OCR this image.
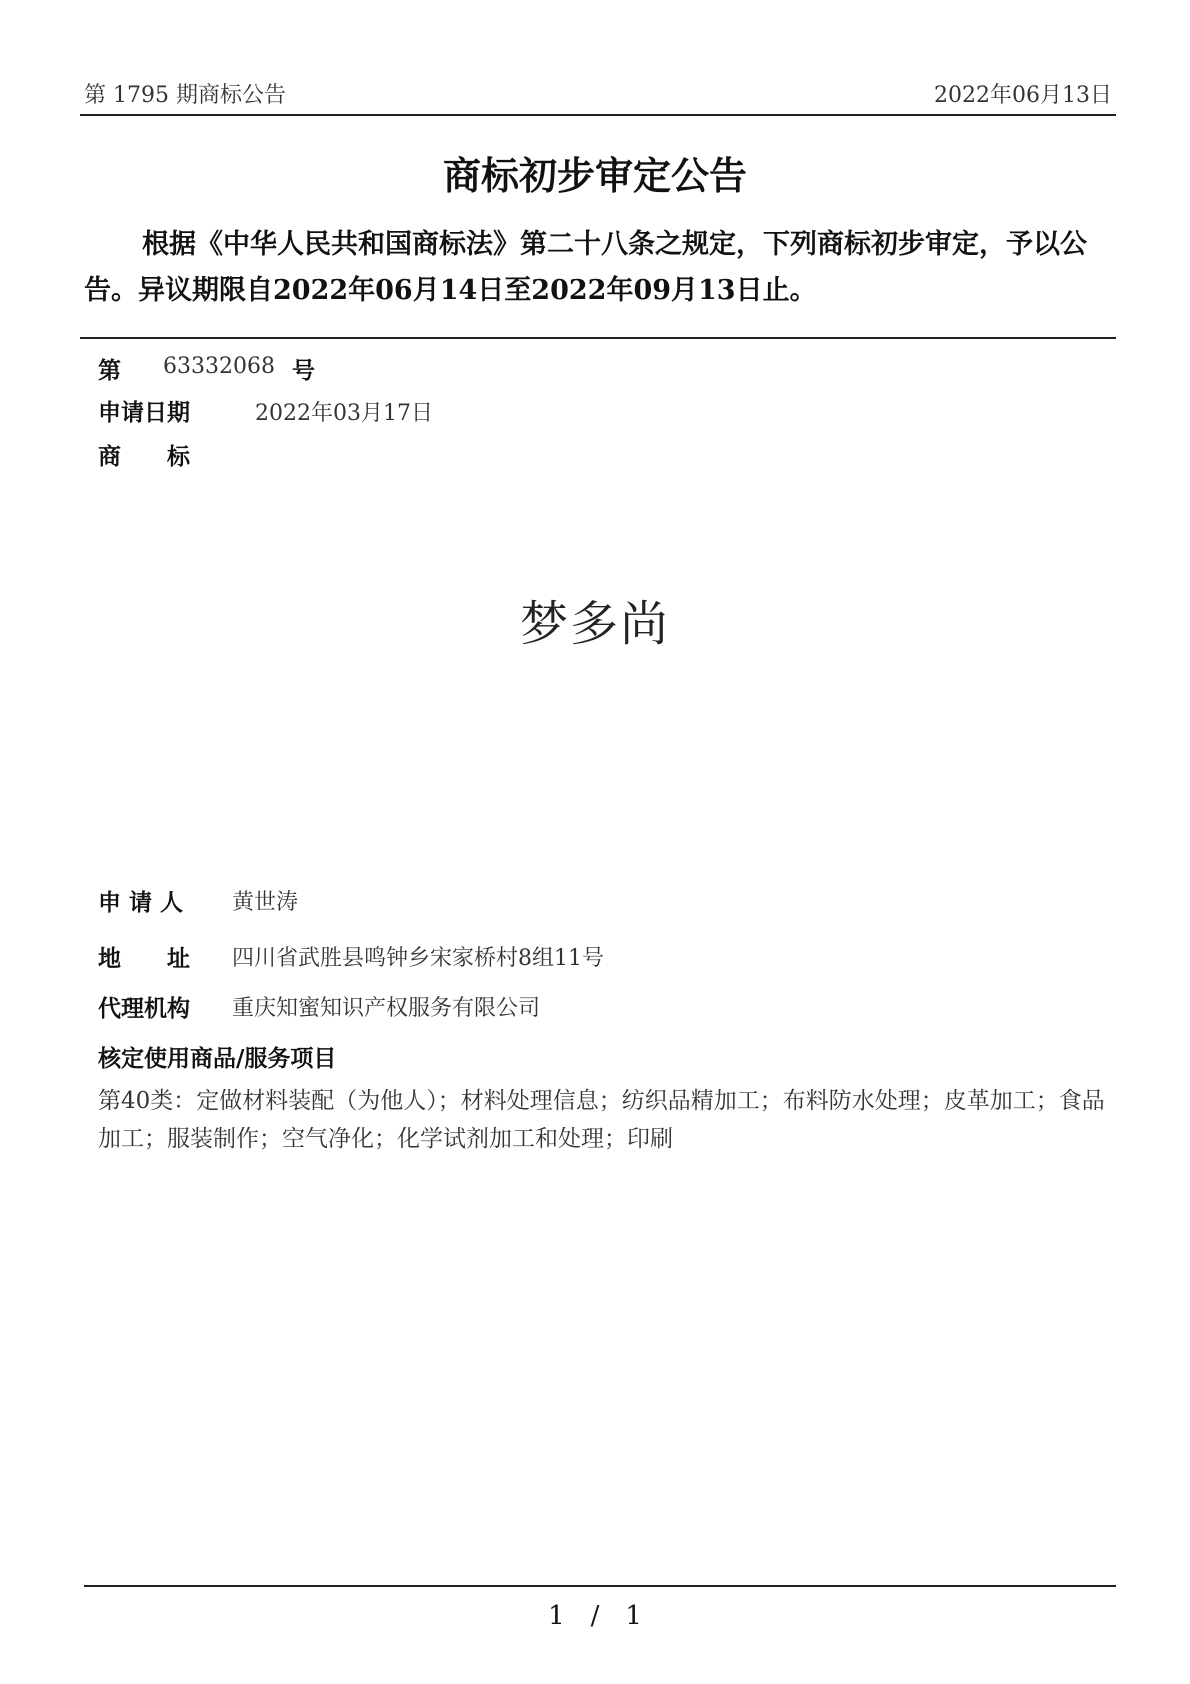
第 1795 期商标公告	2022年06月13日
商标初步审定公告
根据《中华人民共和国商标法》第二十八条之规定，下列商标初步审定，予以公告。异议期限自2022年06月14日至2022年09月13日止。
第 63332068 号
申请日期	2022年03月17日
商　　标
梦多尚
申 请 人 黄世涛
地　　址 四川省武胜县鸣钟乡宋家桥村8组11号
代理机构 重庆知蜜知识产权服务有限公司
核定使用商品/服务项目
第40类：定做材料装配（为他人）；材料处理信息；纺织品精加工；布料防水处理；皮革加工；食品加工；服装制作；空气净化；化学试剂加工和处理；印刷
1　/　1
